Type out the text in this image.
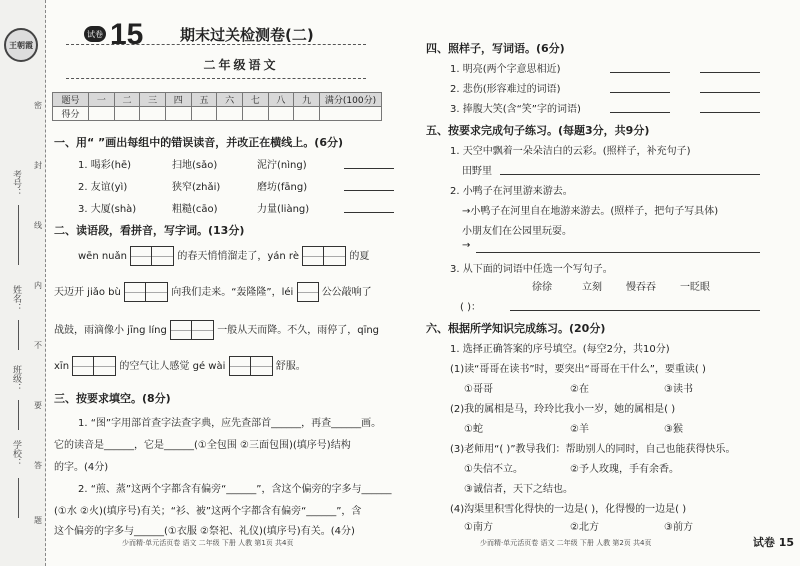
王朝霞
考号：
姓名：
班级：
学校：
密
封
线
内
不
要
答
题
试卷 15 期末过关检测卷(二)
二年级语文
题号	一	二	三	四	五	六	七	八	九	满分(100分)
得分										
一、用“ ”画出每组中的错误读音，并改正在横线上。(6分)
1. 喝彩(hē)	扫地(sǎo)	泥泞(nìng)
2. 友谊(yì)	狭窄(zhǎi)	磨坊(fāng)
3. 大厦(shà)	粗糙(cāo)	力量(liàng)
二、读语段，看拼音，写字词。(13分)
wēn nuǎn	的春天悄悄溜走了，yán rè	的夏
天迈开 jiǎo bù	向我们走来。“轰隆隆”，léi	公公敲响了
战鼓，雨滴像小 jīng líng	一般从天而降。不久，雨停了，qīng
xīn	的空气让人感觉 gé wài	舒服。
三、按要求填空。(8分)
1. “图”字用部首查字法查字典，应先查部首______，再查______画。
它的读音是______，它是______(①全包围 ②三面包围)(填序号)结构
的字。(4分)
2. “煎、蒸”这两个字都含有偏旁“______”，含这个偏旁的字多与______
(①水 ②火)(填序号)有关；“衫、被”这两个字都含有偏旁“______”，含
这个偏旁的字多与______(①衣服 ②祭祀、礼仪)(填序号)有关。(4分)
少而精·单元活页卷 语文 二年级 下册 人教 第1页 共4页
四、照样子，写词语。(6分)
1. 明亮(两个字意思相近)
2. 悲伤(形容难过的词语)
3. 捧腹大笑(含“笑”字的词语)
五、按要求完成句子练习。(每题3分，共9分)
1. 天空中飘着一朵朵洁白的云彩。(照样子，补充句子)
田野里
2. 小鸭子在河里游来游去。
→小鸭子在河里自在地游来游去。(照样子，把句子写具体)
小朋友们在公园里玩耍。
→
3. 从下面的词语中任选一个写句子。
徐徐	立刻 慢吞吞 一眨眼
( )：
六、根据所学知识完成练习。(20分)
1. 选择正确答案的序号填空。(每空2分，共10分)
(1)读“哥哥在读书”时，要突出“哥哥在干什么”，要重读( )
①哥哥	②在	③读书
(2)我的属相是马，玲玲比我小一岁，她的属相是( )
①蛇	②羊	③猴
(3)老师用“( )”教导我们：帮助别人的同时，自己也能获得快乐。
①失信不立。	②予人玫瑰，手有余香。
③诚信者，天下之结也。
(4)沟渠里积雪化得快的一边是( )，化得慢的一边是( )
①南方	②北方	③前方
少而精·单元活页卷 语文 二年级 下册 人教 第2页 共4页	试卷 15
